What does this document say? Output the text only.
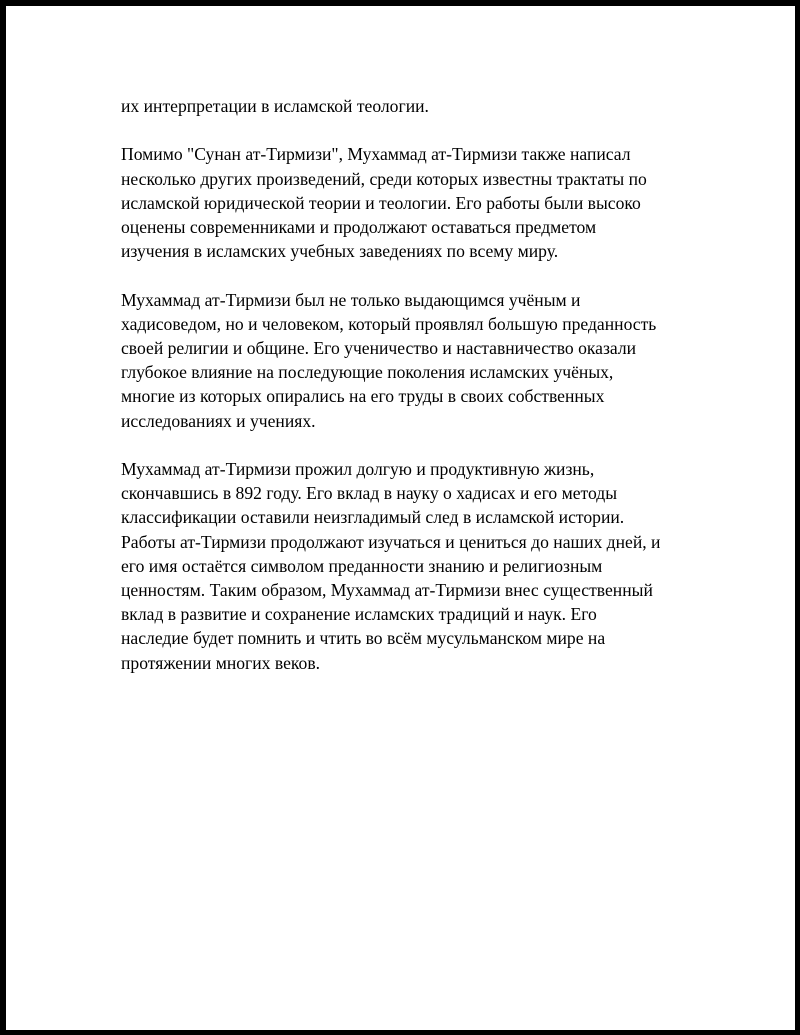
их интерпретации в исламской теологии.

Помимо "Сунан ат-Тирмизи", Мухаммад ат-Тирмизи также написал
несколько других произведений, среди которых известны трактаты по
исламской юридической теории и теологии. Его работы были высоко
оценены современниками и продолжают оставаться предметом
изучения в исламских учебных заведениях по всему миру.

Мухаммад ат-Тирмизи был не только выдающимся учёным и
хадисоведом, но и человеком, который проявлял большую преданность
своей религии и общине. Его ученичество и наставничество оказали
глубокое влияние на последующие поколения исламских учёных,
многие из которых опирались на его труды в своих собственных
исследованиях и учениях.

Мухаммад ат-Тирмизи прожил долгую и продуктивную жизнь,
скончавшись в 892 году. Его вклад в науку о хадисах и его методы
классификации оставили неизгладимый след в исламской истории.
Работы ат-Тирмизи продолжают изучаться и цениться до наших дней, и
его имя остаётся символом преданности знанию и религиозным
ценностям. Таким образом, Мухаммад ат-Тирмизи внес существенный
вклад в развитие и сохранение исламских традиций и наук. Его
наследие будет помнить и чтить во всём мусульманском мире на
протяжении многих веков.
